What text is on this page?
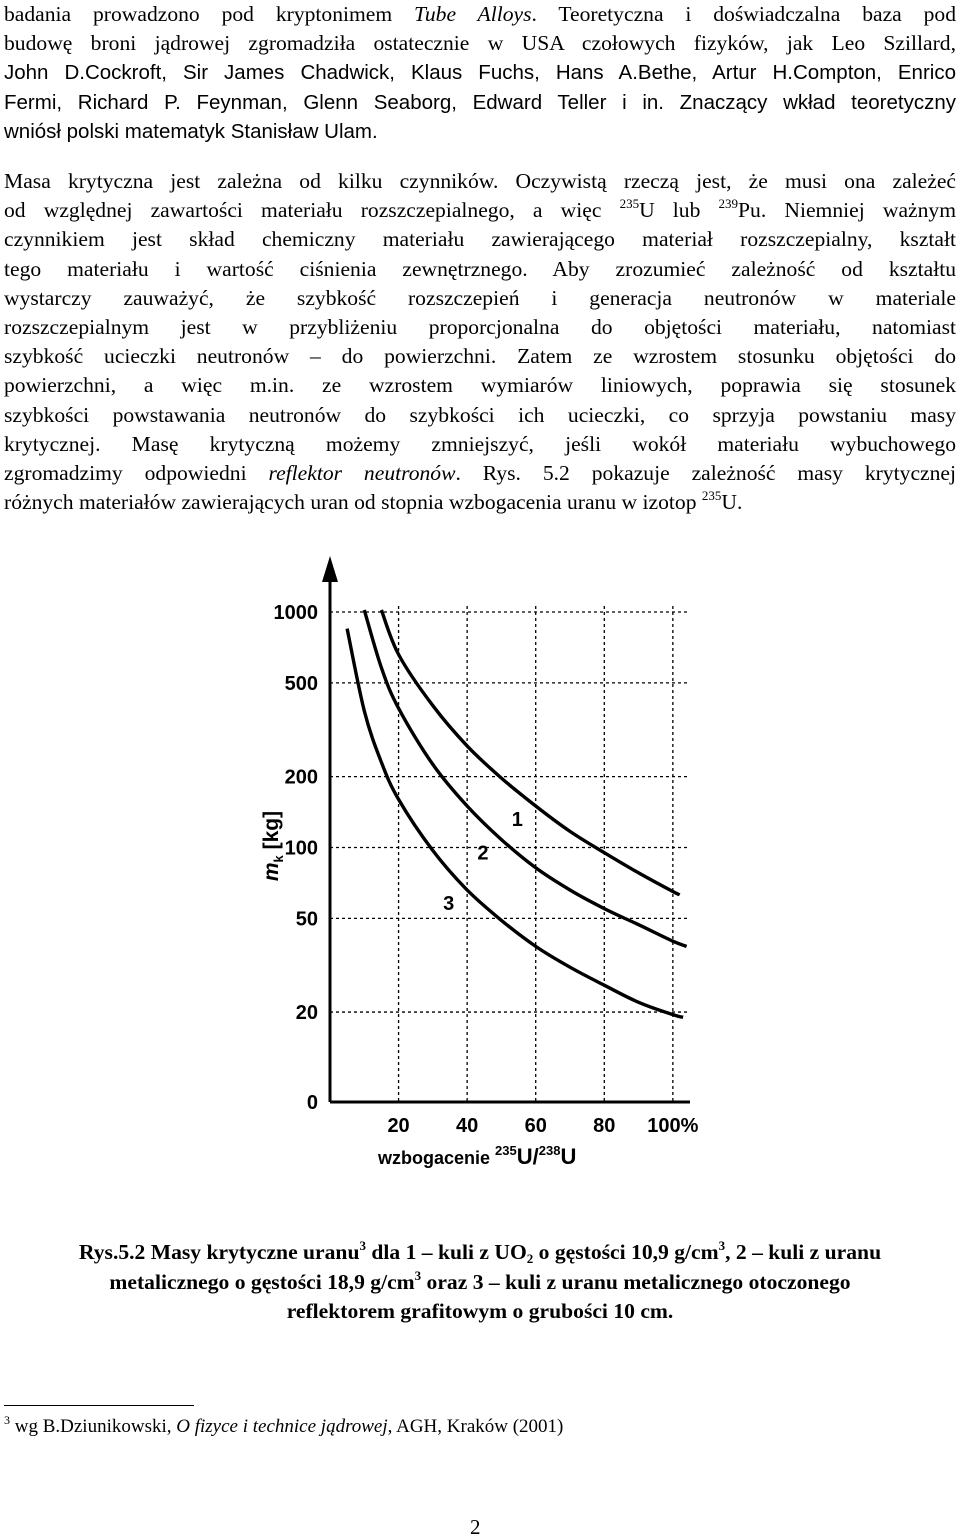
badania prowadzono pod kryptonimem Tube Alloys. Teoretyczna i doświadczalna baza pod
budowę broni jądrowej zgromadziła ostatecznie w USA czołowych fizyków, jak Leo Szillard,
John D.Cockroft, Sir James Chadwick, Klaus Fuchs, Hans A.Bethe, Artur H.Compton, Enrico
Fermi, Richard P. Feynman, Glenn Seaborg, Edward Teller i in. Znaczący wkład teoretyczny
wniósł polski matematyk Stanisław Ulam.
Masa krytyczna jest zależna od kilku czynników. Oczywistą rzeczą jest, że musi ona zależeć
od względnej zawartości materiału rozszczepialnego, a więc $^{235}$U lub $^{239}$Pu. Niemniej ważnym
czynnikiem jest skład chemiczny materiału zawierającego materiał rozszczepialny, kształt
tego materiału i wartość ciśnienia zewnętrznego. Aby zrozumieć zależność od kształtu
wystarczy zauważyć, że szybkość rozszczepień i generacja neutronów w materiale
rozszczepialnym jest w przybliżeniu proporcjonalna do objętości materiału, natomiast
szybkość ucieczki neutronów – do powierzchni. Zatem ze wzrostem stosunku objętości do
powierzchni, a więc m.in. ze wzrostem wymiarów liniowych, poprawia się stosunek
szybkości powstawania neutronów do szybkości ich ucieczki, co sprzyja powstaniu masy
krytycznej. Masę krytyczną możemy zmniejszyć, jeśli wokół materiału wybuchowego
zgromadzimy odpowiedni reflektor neutronów. Rys. 5.2 pokazuje zależność masy krytycznej
różnych materiałów zawierających uran od stopnia wzbogacenia uranu w izotop $^{235}$U.
1000
500
200
100
50
20
0
20 40 60 80 100%
1
2
3
$m_k$ [kg]
wzbogacenie $^{235}$U/$^{238}$U
Rys.5.2 Masy krytyczne uranu$^3$ dla 1 – kuli z $UO_2$ o gęstości 10,9 $g/cm^3$, 2 – kuli z uranu
metalicznego o gęstości 18,9 $g/cm^3$ oraz 3 – kuli z uranu metalicznego otoczonego
reflektorem grafitowym o grubości 10 cm.
$^3$ wg B.Dziunikowski, O fizyce i technice jądrowej, AGH, Kraków (2001)
2
